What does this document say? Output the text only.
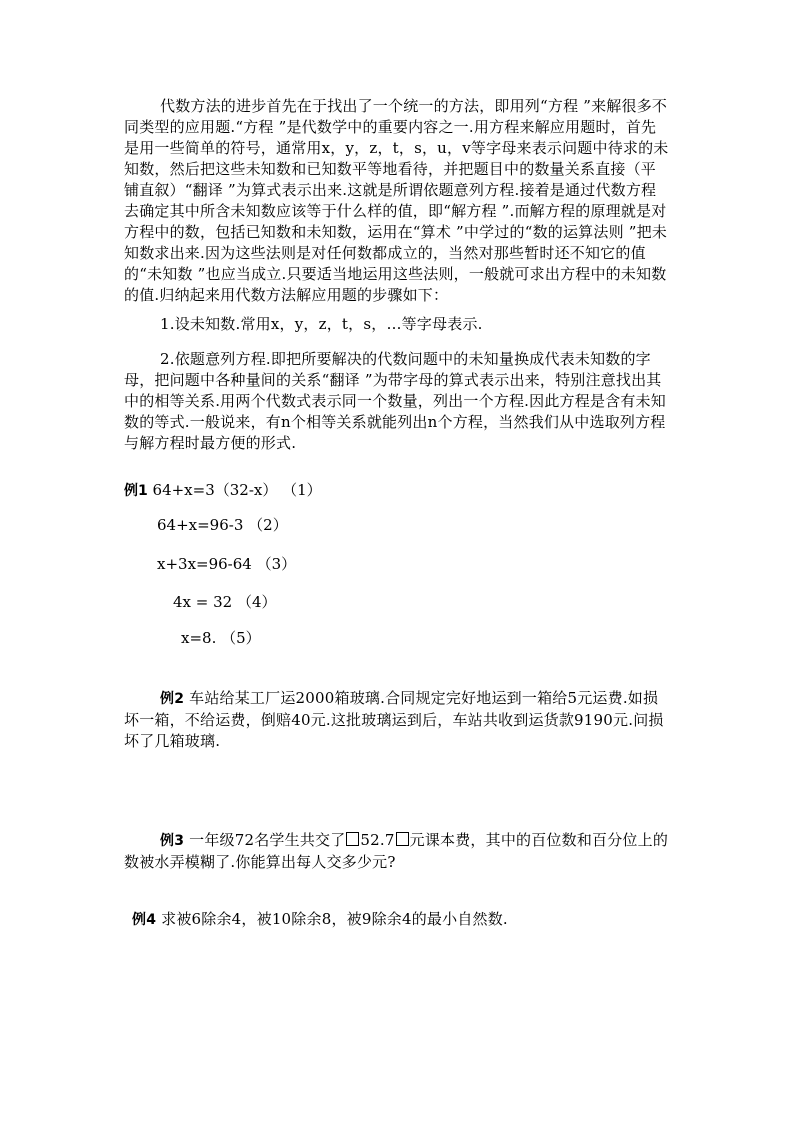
代数方法的进步首先在于找出了一个统一的方法，即用列“方程 ”来解很多不同类型的应用题.“方程 ”是代数学中的重要内容之一.用方程来解应用题时，首先是用一些简单的符号，通常用x，y，z，t，s，u，v等字母来表示问题中待求的未知数，然后把这些未知数和已知数平等地看待，并把题目中的数量关系直接（平铺直叙）“翻译 ”为算式表示出来.这就是所谓依题意列方程.接着是通过代数方程去确定其中所含未知数应该等于什么样的值，即“解方程 ”.而解方程的原理就是对方程中的数，包括已知数和未知数，运用在“算术 ”中学过的“数的运算法则 ”把未知数求出来.因为这些法则是对任何数都成立的，当然对那些暂时还不知它的值的“未知数 ”也应当成立.只要适当地运用这些法则，一般就可求出方程中的未知数的值.归纳起来用代数方法解应用题的步骤如下：

1.设未知数.常用x，y，z，t，s，…等字母表示.

2.依题意列方程.即把所要解决的代数问题中的未知量换成代表未知数的字母，把问题中各种量间的关系“翻译 ”为带字母的算式表示出来，特别注意找出其中的相等关系.用两个代数式表示同一个数量，列出一个方程.因此方程是含有未知数的等式.一般说来，有n个相等关系就能列出n个方程，当然我们从中选取列方程与解方程时最方便的形式.

例1 64+x=3（32-x） （1）
64+x=96-3 （2）
x+3x=96-64 （3）
4x = 32 （4）
x=8. （5）

例2 车站给某工厂运2000箱玻璃.合同规定完好地运到一箱给5元运费.如损坏一箱，不给运费，倒赔40元.这批玻璃运到后，车站共收到运货款9190元.问损坏了几箱玻璃.

例3 一年级72名学生共交了 52.7 元课本费，其中的百位数和百分位上的数被水弄模糊了.你能算出每人交多少元?

例4 求被6除余4，被10除余8，被9除余4的最小自然数.
